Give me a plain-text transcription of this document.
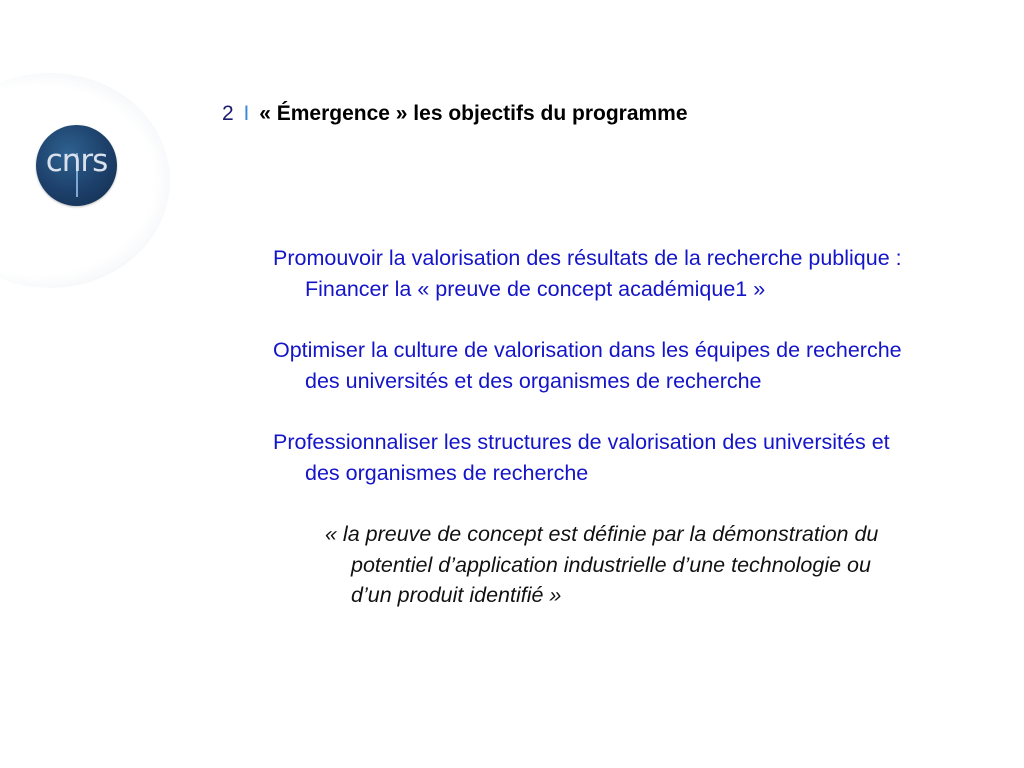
cnrs
2 I « Émergence » les objectifs du programme

Promouvoir la valorisation des résultats de la recherche publique : Financer la « preuve de concept académique1 »

Optimiser la culture de valorisation dans les équipes de recherche des universités et des organismes de recherche

Professionnaliser les structures de valorisation des universités et des organismes de recherche

« la preuve de concept est définie par la démonstration du potentiel d’application industrielle d’une technologie ou d’un produit identifié »
